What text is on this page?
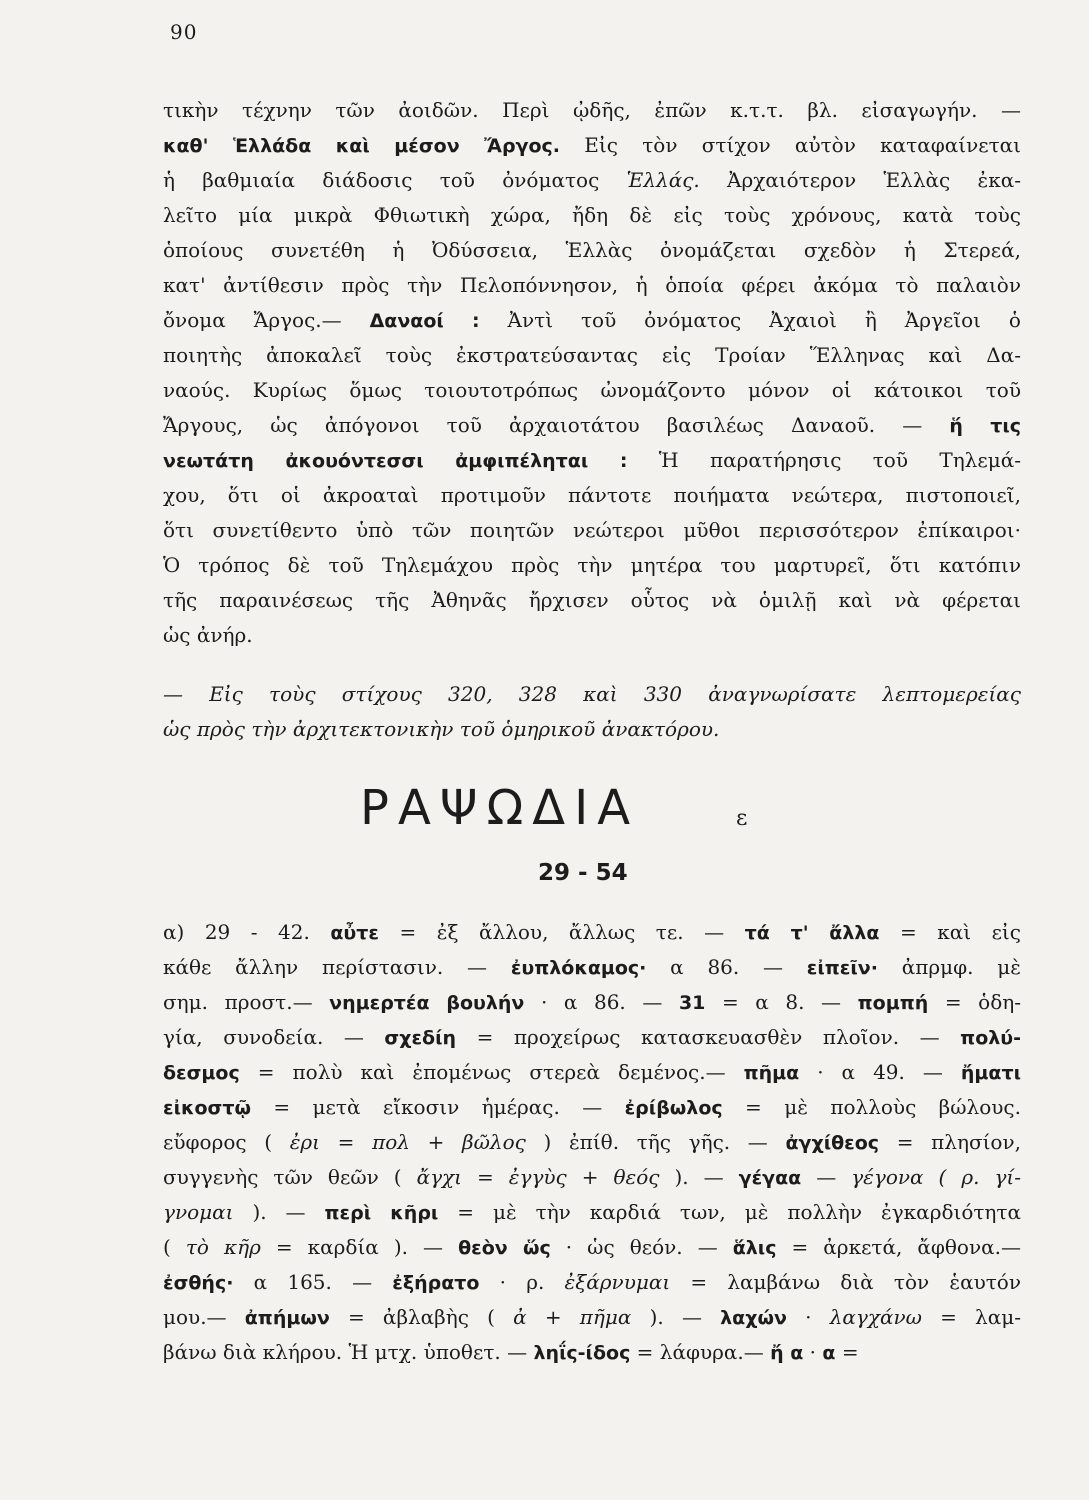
90
τικὴν τέχνην τῶν ἀοιδῶν. Περὶ ᾠδῆς, ἐπῶν κ.τ.τ. βλ. εἰσαγωγήν. —
καθ' Ἑλλάδα καὶ μέσον Ἄργος. Εἰς τὸν στίχον αὐτὸν καταφαίνεται
ἡ βαθμιαία διάδοσις τοῦ ὀνόματος Ἑλλάς. Ἀρχαιότερον Ἑλλὰς ἐκα-
λεῖτο μία μικρὰ Φθιωτικὴ χώρα, ἤδη δὲ εἰς τοὺς χρόνους, κατὰ τοὺς
ὁποίους συνετέθη ἡ Ὀδύσσεια, Ἑλλὰς ὀνομάζεται σχεδὸν ἡ Στερεά,
κατ' ἀντίθεσιν πρὸς τὴν Πελοπόννησον, ἡ ὁποία φέρει ἀκόμα τὸ παλαιὸν
ὄνομα Ἄργος.— Δαναοί : Ἀντὶ τοῦ ὀνόματος Ἀχαιοὶ ἢ Ἀργεῖοι ὁ
ποιητὴς ἀποκαλεῖ τοὺς ἐκστρατεύσαντας εἰς Τροίαν Ἕλληνας καὶ Δα-
ναούς. Κυρίως ὅμως τοιουτοτρόπως ὠνομάζοντο μόνον οἱ κάτοικοι τοῦ
Ἄργους, ὡς ἀπόγονοι τοῦ ἀρχαιοτάτου βασιλέως Δαναοῦ. — ἥ τις
νεωτάτη ἀκουόντεσσι ἀμφιπέληται : Ἡ παρατήρησις τοῦ Τηλεμά-
χου, ὅτι οἱ ἀκροαταὶ προτιμοῦν πάντοτε ποιήματα νεώτερα, πιστοποιεῖ,
ὅτι συνετίθεντο ὑπὸ τῶν ποιητῶν νεώτεροι μῦθοι περισσότερον ἐπίκαιροι·
Ὁ τρόπος δὲ τοῦ Τηλεμάχου πρὸς τὴν μητέρα του μαρτυρεῖ, ὅτι κατόπιν
τῆς παραινέσεως τῆς Ἀθηνᾶς ἤρχισεν οὗτος νὰ ὁμιλῇ καὶ νὰ φέρεται
ὡς ἀνήρ.
— Εἰς τοὺς στίχους 320, 328 καὶ 330 ἀναγνωρίσατε λεπτομερείας
ὡς πρὸς τὴν ἀρχιτεκτονικὴν τοῦ ὁμηρικοῦ ἀνακτόρου.
ΡΑΨΩΔΙΑ	ε
29 - 54
α) 29 - 42. αὖτε = ἐξ ἄλλου, ἄλλως τε. — τά τ' ἄλλα = καὶ εἰς
κάθε ἄλλην περίστασιν. — ἐυπλόκαμος· α 86. — εἰπεῖν· ἀπρμφ. μὲ
σημ. προστ.— νημερτέα βουλήν · α 86. — 31 = α 8. — πομπή = ὁδη-
γία, συνοδεία. — σχεδίη = προχείρως κατασκευασθὲν πλοῖον. — πολύ-
δεσμος = πολὺ καὶ ἐπομένως στερεὰ δεμένος.— πῆμα · α 49. — ἤματι
εἰκοστῷ = μετὰ εἴκοσιν ἡμέρας. — ἐρίβωλος = μὲ πολλοὺς βώλους.
εὔφορος ( ἐρι = πολ + βῶλος ) ἐπίθ. τῆς γῆς. — ἀγχίθεος = πλησίον,
συγγενὴς τῶν θεῶν ( ἄγχι = ἐγγὺς + θεός ). — γέγαα — γέγονα ( ρ. γί-
γνομαι ). — περὶ κῆρι = μὲ τὴν καρδιά των, μὲ πολλὴν ἐγκαρδιότητα
( τὸ κῆρ = καρδία ). — θεὸν ὥς · ὡς θεόν. — ἅλις = ἀρκετά, ἄφθονα.—
ἐσθής· α 165. — ἐξήρατο · ρ. ἐξάρνυμαι = λαμβάνω διὰ τὸν ἑαυτόν
μου.— ἀπήμων = ἀβλαβὴς ( ἀ + πῆμα ). — λαχών · λαγχάνω = λαμ-
βάνω διὰ κλήρου. Ἡ μτχ. ὑποθετ. — ληΐς-ίδος = λάφυρα.— ἤ α · α =
